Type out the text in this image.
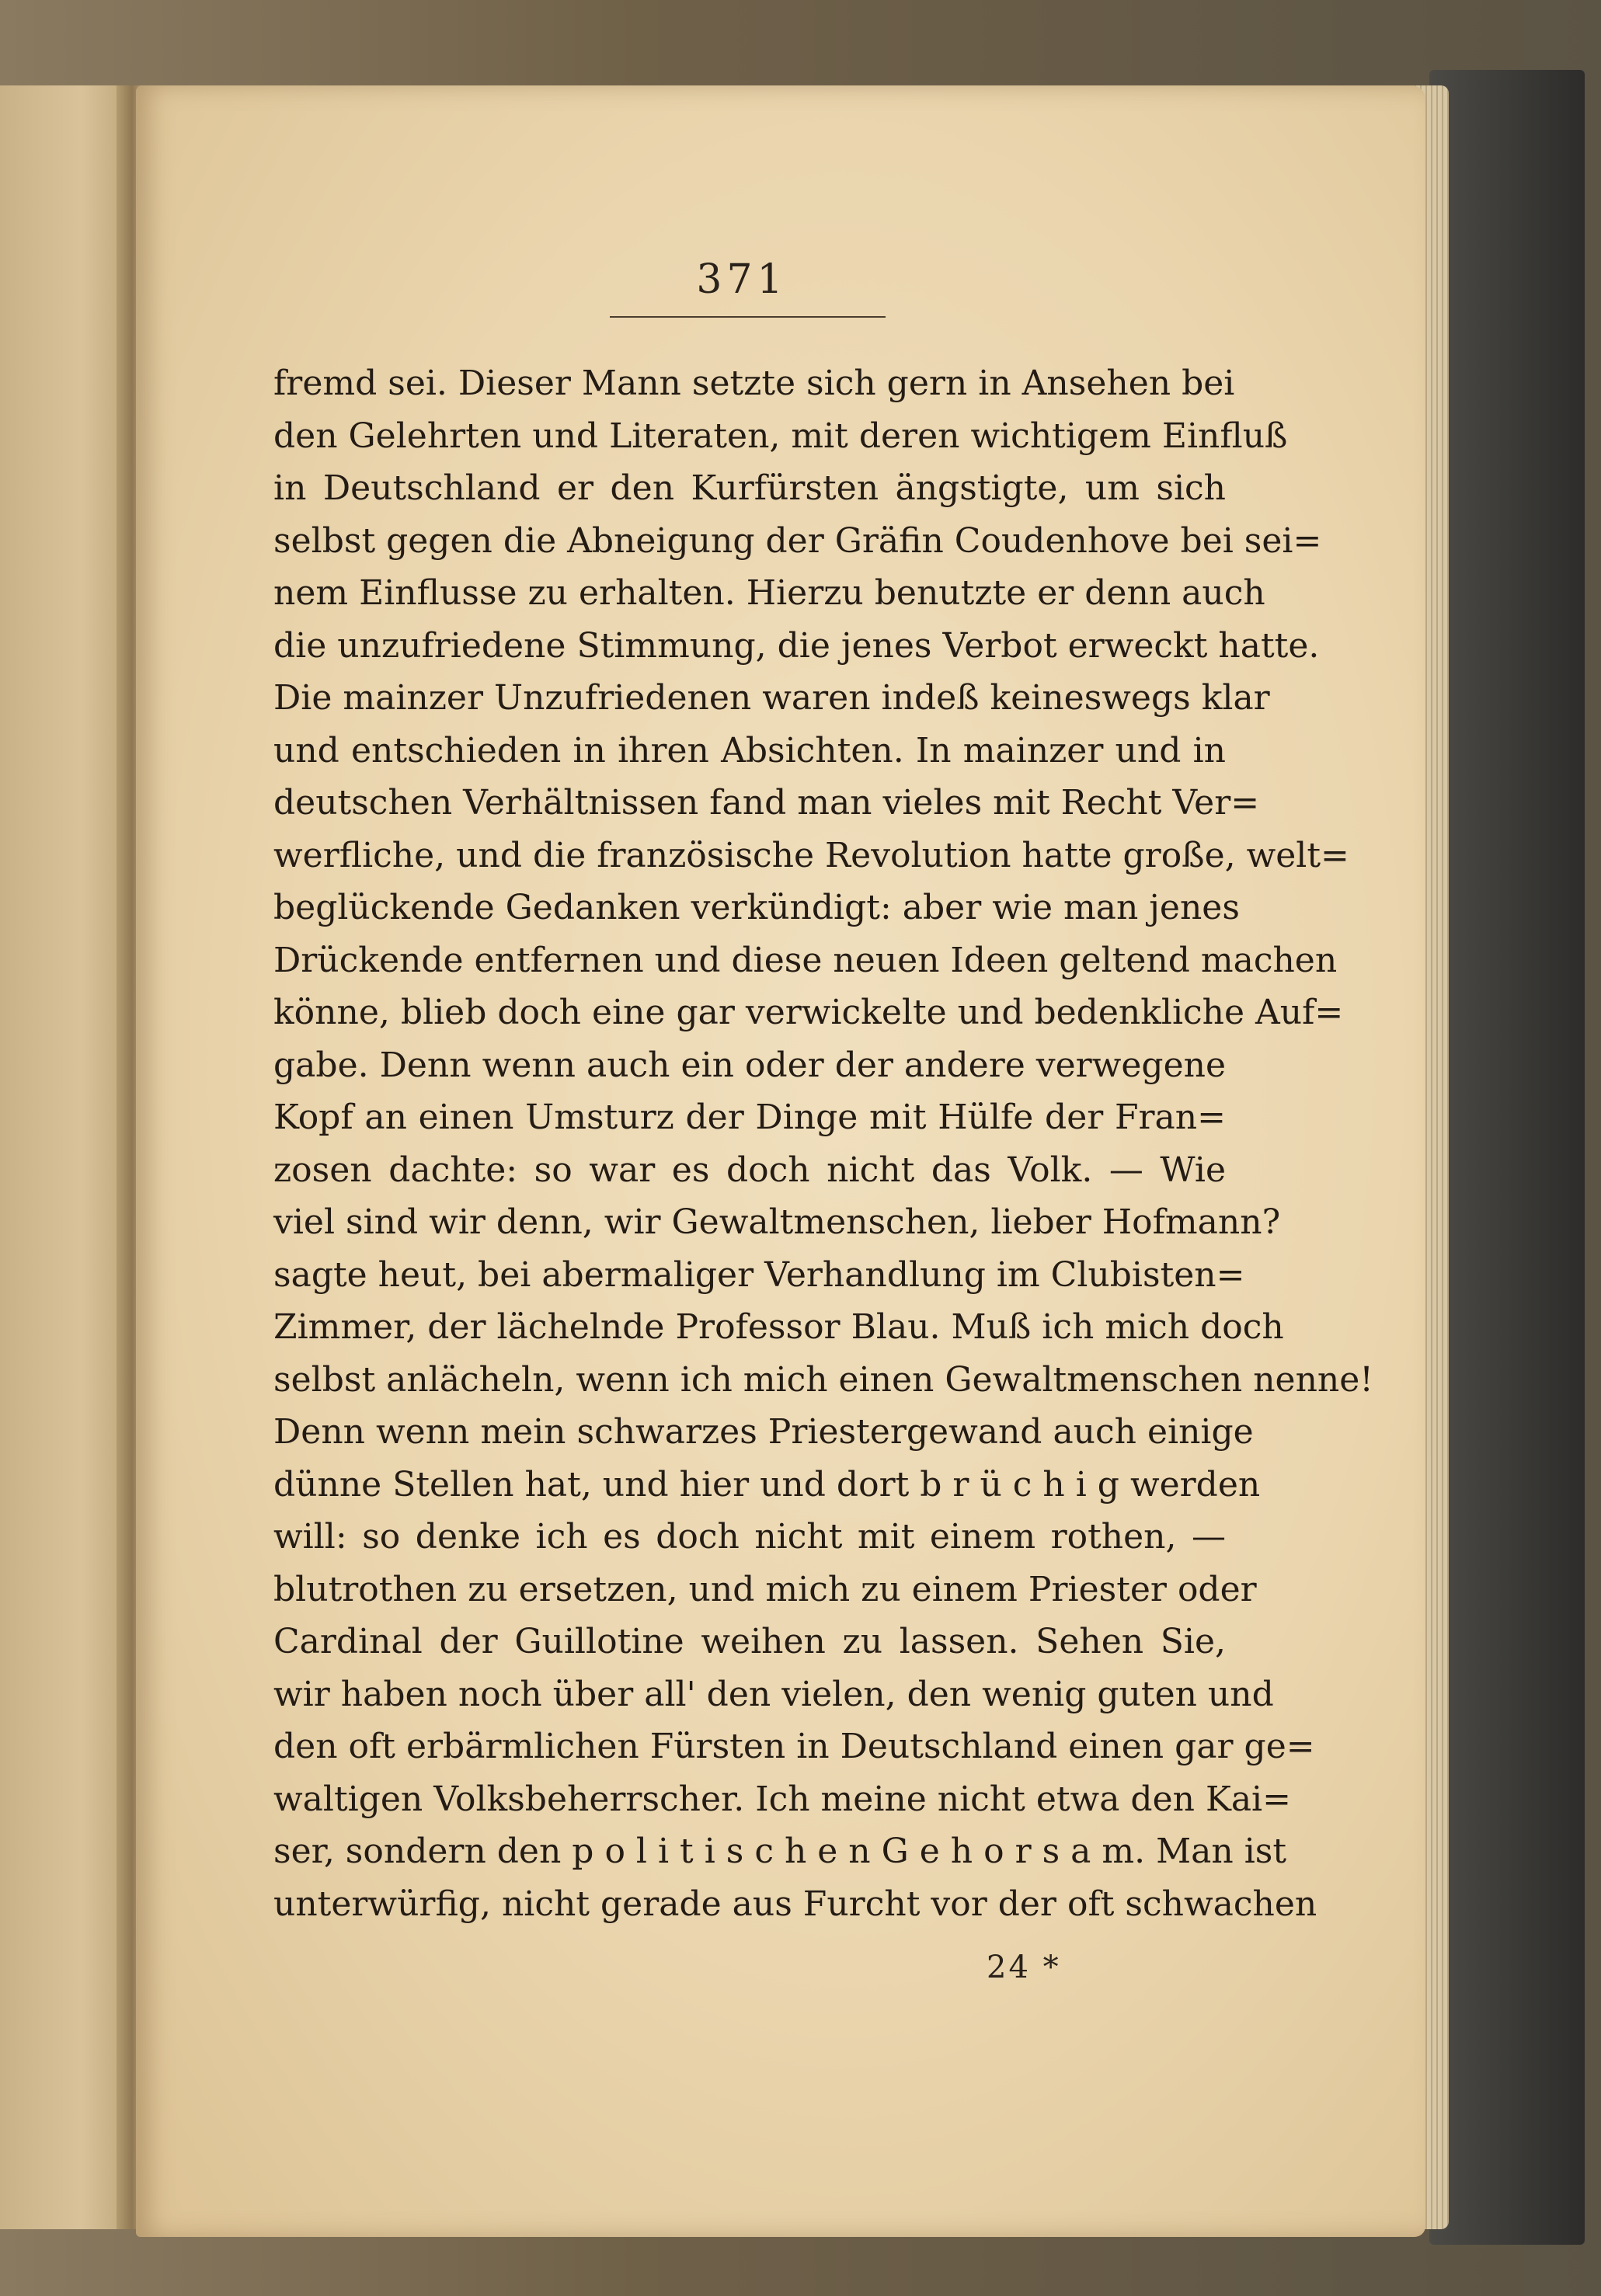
371
fremd sei. Dieser Mann setzte sich gern in Ansehen bei
den Gelehrten und Literaten, mit deren wichtigem Einfluß
in Deutschland er den Kurfürsten ängstigte, um sich
selbst gegen die Abneigung der Gräfin Coudenhove bei sei=
nem Einflusse zu erhalten. Hierzu benutzte er denn auch
die unzufriedene Stimmung, die jenes Verbot erweckt hatte.
Die mainzer Unzufriedenen waren indeß keineswegs klar
und entschieden in ihren Absichten. In mainzer und in
deutschen Verhältnissen fand man vieles mit Recht Ver=
werfliche, und die französische Revolution hatte große, welt=
beglückende Gedanken verkündigt: aber wie man jenes
Drückende entfernen und diese neuen Ideen geltend machen
könne, blieb doch eine gar verwickelte und bedenkliche Auf=
gabe. Denn wenn auch ein oder der andere verwegene
Kopf an einen Umsturz der Dinge mit Hülfe der Fran=
zosen dachte: so war es doch nicht das Volk. — Wie
viel sind wir denn, wir Gewaltmenschen, lieber Hofmann?
sagte heut, bei abermaliger Verhandlung im Clubisten=
Zimmer, der lächelnde Professor Blau. Muß ich mich doch
selbst anlächeln, wenn ich mich einen Gewaltmenschen nenne!
Denn wenn mein schwarzes Priestergewand auch einige
dünne Stellen hat, und hier und dort b r ü c h i g werden
will: so denke ich es doch nicht mit einem rothen, —
blutrothen zu ersetzen, und mich zu einem Priester oder
Cardinal der Guillotine weihen zu lassen. Sehen Sie,
wir haben noch über all' den vielen, den wenig guten und
den oft erbärmlichen Fürsten in Deutschland einen gar ge=
waltigen Volksbeherrscher. Ich meine nicht etwa den Kai=
ser, sondern den p o l i t i s c h e n G e h o r s a m. Man ist
unterwürfig, nicht gerade aus Furcht vor der oft schwachen
24 *
